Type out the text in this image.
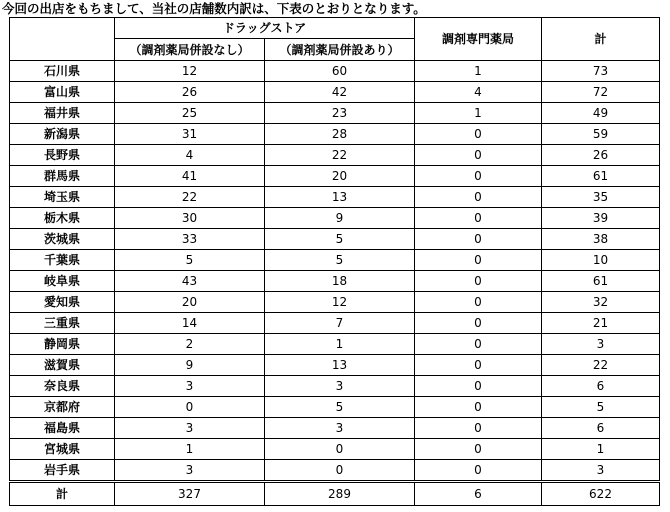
今回の出店をもちまして、当社の店舗数内訳は、下表のとおりとなります。
	ドラッグストア		調剤専門薬局	計
	（調剤薬局併設なし）	（調剤薬局併設あり）		
石川県	12	60	1	73
富山県	26	42	4	72
福井県	25	23	1	49
新潟県	31	28	0	59
長野県	4	22	0	26
群馬県	41	20	0	61
埼玉県	22	13	0	35
栃木県	30	9	0	39
茨城県	33	5	0	38
千葉県	5	5	0	10
岐阜県	43	18	0	61
愛知県	20	12	0	32
三重県	14	7	0	21
静岡県	2	1	0	3
滋賀県	9	13	0	22
奈良県	3	3	0	6
京都府	0	5	0	5
福島県	3	3	0	6
宮城県	1	0	0	1
岩手県	3	0	0	3
計	327	289	6	622
